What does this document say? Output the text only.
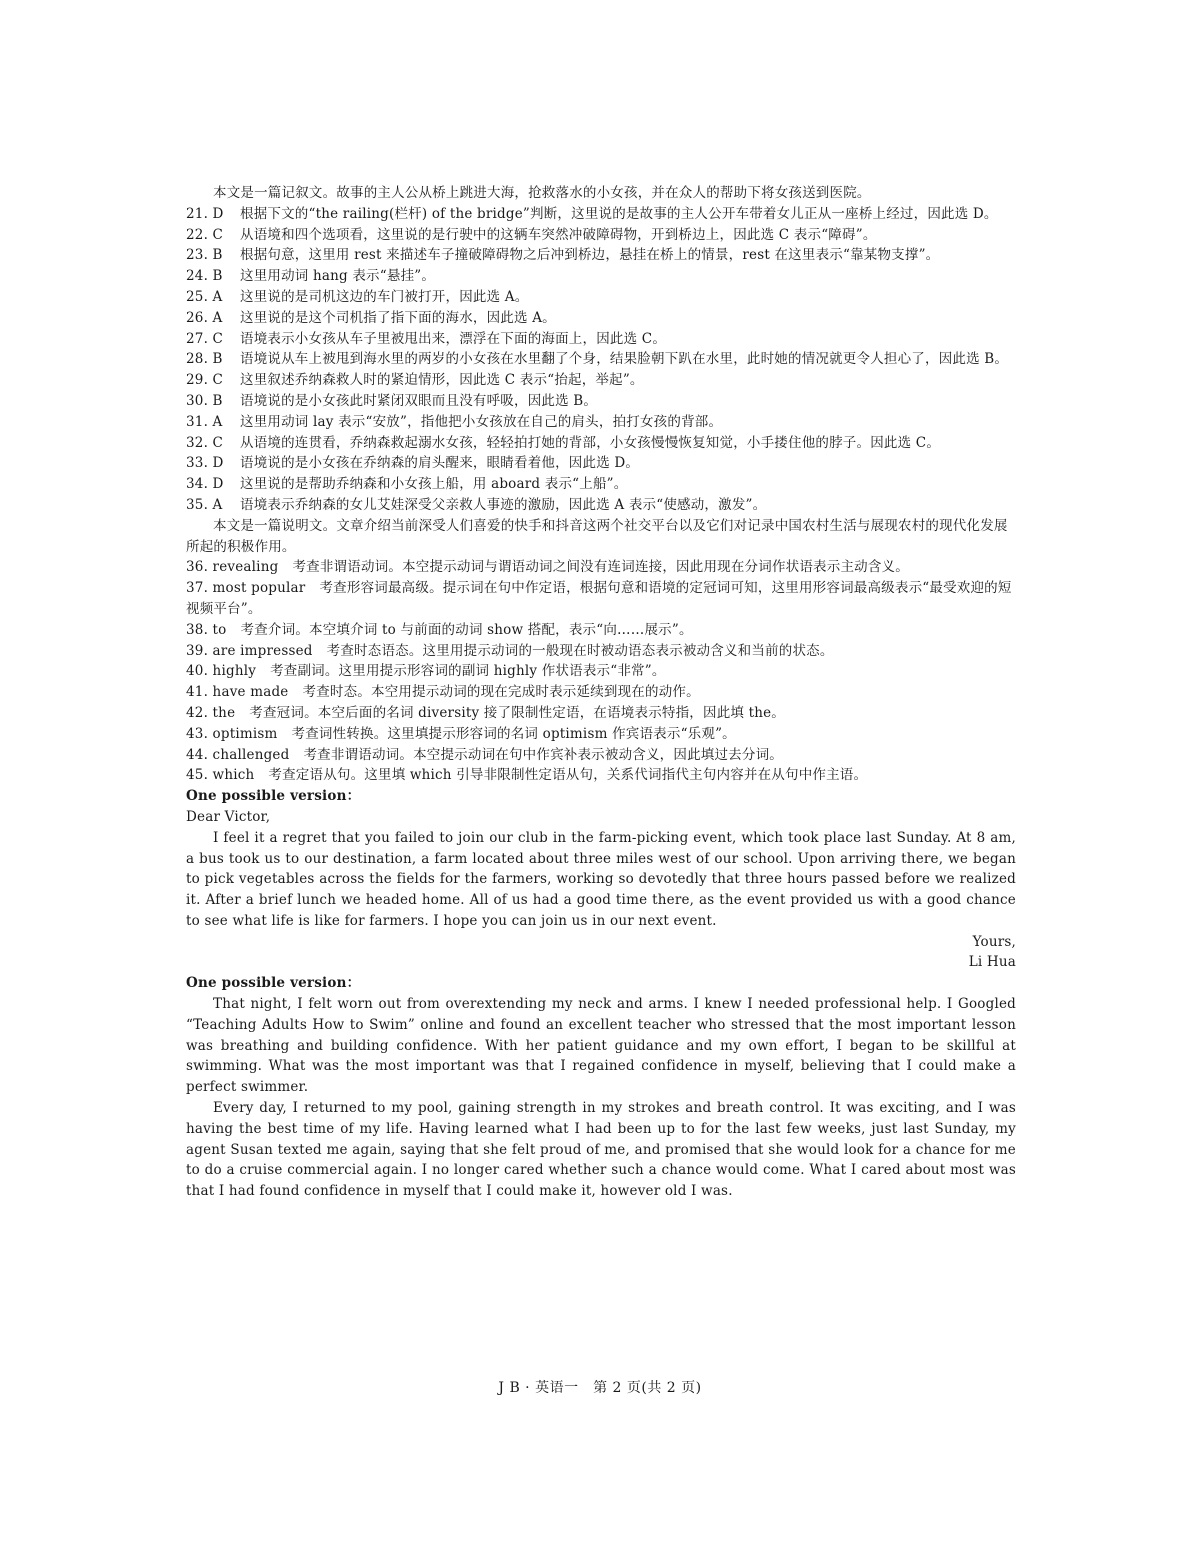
本文是一篇记叙文。故事的主人公从桥上跳进大海，抢救落水的小女孩，并在众人的帮助下将女孩送到医院。

21. D	根据下文的“the railing(栏杆) of the bridge”判断，这里说的是故事的主人公开车带着女儿正从一座桥上经过，因此选 D。
22. C	从语境和四个选项看，这里说的是行驶中的这辆车突然冲破障碍物，开到桥边上，因此选 C 表示“障碍”。
23. B	根据句意，这里用 rest 来描述车子撞破障碍物之后冲到桥边，悬挂在桥上的情景，rest 在这里表示“靠某物支撑”。
24. B	这里用动词 hang 表示“悬挂”。
25. A	这里说的是司机这边的车门被打开，因此选 A。
26. A	这里说的是这个司机指了指下面的海水，因此选 A。
27. C	语境表示小女孩从车子里被甩出来，漂浮在下面的海面上，因此选 C。
28. B	语境说从车上被甩到海水里的两岁的小女孩在水里翻了个身，结果脸朝下趴在水里，此时她的情况就更令人担心了，因此选 B。
29. C	这里叙述乔纳森救人时的紧迫情形，因此选 C 表示“抬起，举起”。
30. B	语境说的是小女孩此时紧闭双眼而且没有呼吸，因此选 B。
31. A	这里用动词 lay 表示“安放”，指他把小女孩放在自己的肩头，拍打女孩的背部。
32. C	从语境的连贯看，乔纳森救起溺水女孩，轻轻拍打她的背部，小女孩慢慢恢复知觉，小手搂住他的脖子。因此选 C。
33. D	语境说的是小女孩在乔纳森的肩头醒来，眼睛看着他，因此选 D。
34. D	这里说的是帮助乔纳森和小女孩上船，用 aboard 表示“上船”。
35. A	语境表示乔纳森的女儿艾娃深受父亲救人事迹的激励，因此选 A 表示“使感动，激发”。

本文是一篇说明文。文章介绍当前深受人们喜爱的快手和抖音这两个社交平台以及它们对记录中国农村生活与展现农村的现代化发展所起的积极作用。

36. revealing 考查非谓语动词。本空提示动词与谓语动词之间没有连词连接，因此用现在分词作状语表示主动含义。
37. most popular 考查形容词最高级。提示词在句中作定语，根据句意和语境的定冠词可知，这里用形容词最高级表示“最受欢迎的短视频平台”。
38. to 考查介词。本空填介词 to 与前面的动词 show 搭配，表示“向……展示”。
39. are impressed 考查时态语态。这里用提示动词的一般现在时被动语态表示被动含义和当前的状态。
40. highly 考查副词。这里用提示形容词的副词 highly 作状语表示“非常”。
41. have made 考查时态。本空用提示动词的现在完成时表示延续到现在的动作。
42. the 考查冠词。本空后面的名词 diversity 接了限制性定语，在语境表示特指，因此填 the。
43. optimism 考查词性转换。这里填提示形容词的名词 optimism 作宾语表示“乐观”。
44. challenged 考查非谓语动词。本空提示动词在句中作宾补表示被动含义，因此填过去分词。
45. which 考查定语从句。这里填 which 引导非限制性定语从句，关系代词指代主句内容并在从句中作主语。

One possible version：

Dear Victor,

I feel it a regret that you failed to join our club in the farm-picking event, which took place last Sunday. At 8 am, a bus took us to our destination, a farm located about three miles west of our school. Upon arriving there, we began to pick vegetables across the fields for the farmers, working so devotedly that three hours passed before we realized it. After a brief lunch we headed home. All of us had a good time there, as the event provided us with a good chance to see what life is like for farmers. I hope you can join us in our next event.

Yours,

Li Hua

One possible version：

That night, I felt worn out from overextending my neck and arms. I knew I needed professional help. I Googled “Teaching Adults How to Swim” online and found an excellent teacher who stressed that the most important lesson was breathing and building confidence. With her patient guidance and my own effort, I began to be skillful at swimming. What was the most important was that I regained confidence in myself, believing that I could make a perfect swimmer.

Every day, I returned to my pool, gaining strength in my strokes and breath control. It was exciting, and I was having the best time of my life. Having learned what I had been up to for the last few weeks, just last Sunday, my agent Susan texted me again, saying that she felt proud of me, and promised that she would look for a chance for me to do a cruise commercial again. I no longer cared whether such a chance would come. What I cared about most was that I had found confidence in myself that I could make it, however old I was.

J B · 英语一　第 2 页(共 2 页)
